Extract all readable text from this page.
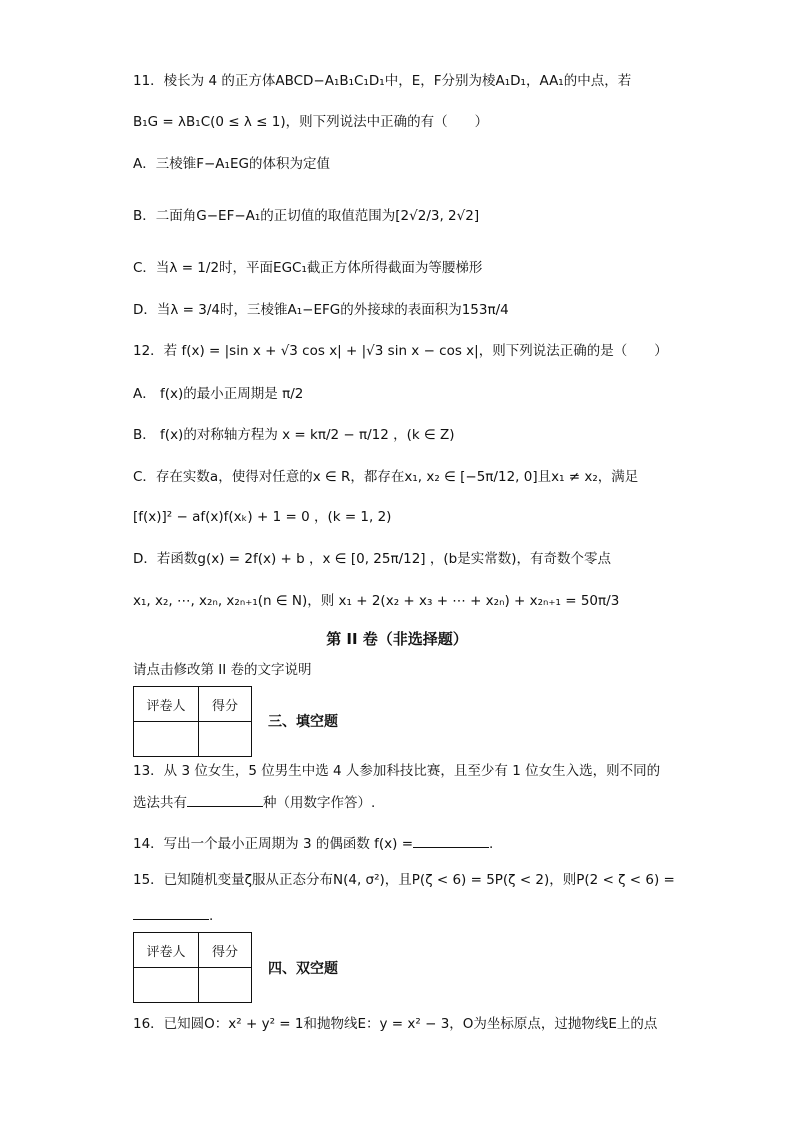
11．棱长为 4 的正方体ABCD−A₁B₁C₁D₁中，E，F分别为棱A₁D₁，AA₁的中点，若
B₁G = λB₁C(0 ≤ λ ≤ 1)，则下列说法中正确的有（　　）
A．三棱锥F−A₁EG的体积为定值
B．二面角G−EF−A₁的正切值的取值范围为[2√2/3, 2√2]
C．当λ = 1/2时，平面EGC₁截正方体所得截面为等腰梯形
D．当λ = 3/4时，三棱锥A₁−EFG的外接球的表面积为153π/4
12．若 f(x) = |sin x + √3 cos x| + |√3 sin x − cos x|，则下列说法正确的是（　　）
A． f(x)的最小正周期是 π/2
B． f(x)的对称轴方程为 x = kπ/2 − π/12 ，(k ∈ Z)
C．存在实数a，使得对任意的x ∈ R，都存在x₁, x₂ ∈ [−5π/12, 0]且x₁ ≠ x₂，满足
[f(x)]² − af(x)f(xₖ) + 1 = 0 ，(k = 1, 2)
D．若函数g(x) = 2f(x) + b ，x ∈ [0, 25π/12] ，(b是实常数)，有奇数个零点
x₁, x₂, ⋯, x₂ₙ, x₂ₙ₊₁(n ∈ N)，则 x₁ + 2(x₂ + x₃ + ⋯ + x₂ₙ) + x₂ₙ₊₁ = 50π/3
第 II 卷（非选择题）
请点击修改第 II 卷的文字说明
评卷人	得分

三、填空题
13．从 3 位女生，5 位男生中选 4 人参加科技比赛，且至少有 1 位女生入选，则不同的
选法共有	种（用数字作答）.
14．写出一个最小正周期为 3 的偶函数 f(x) =	.
15．已知随机变量ζ服从正态分布N(4, σ²)，且P(ζ < 6) = 5P(ζ < 2)，则P(2 < ζ < 6) =
.
评卷人	得分

四、双空题
16．已知圆O：x² + y² = 1和抛物线E：y = x² − 3，O为坐标原点，过抛物线E上的点
